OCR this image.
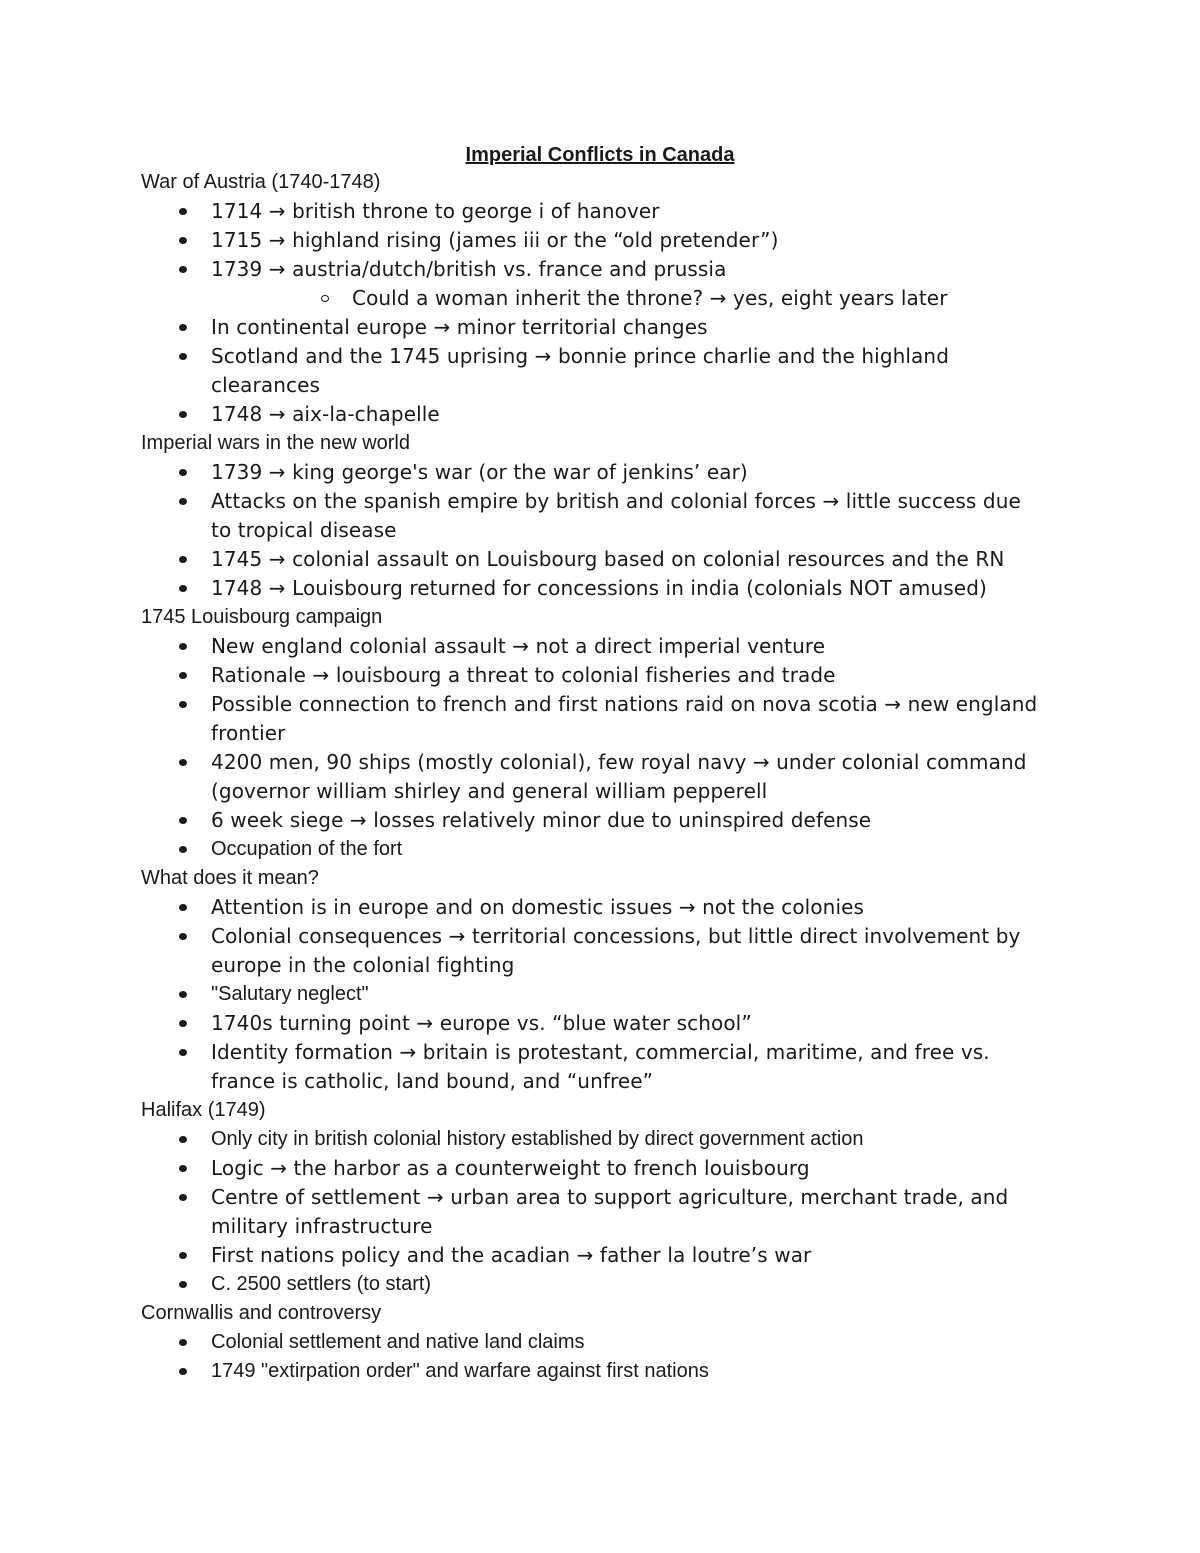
Imperial Conflicts in Canada
War of Austria (1740-1748)
1714 → british throne to george i of hanover
1715 → highland rising (james iii or the “old pretender”)
1739 → austria/dutch/british vs. france and prussia
Could a woman inherit the throne? → yes, eight years later
In continental europe → minor territorial changes
Scotland and the 1745 uprising → bonnie prince charlie and the highland clearances
1748 → aix-la-chapelle
Imperial wars in the new world
1739 → king george's war (or the war of jenkins’ ear)
Attacks on the spanish empire by british and colonial forces → little success due to tropical disease
1745 → colonial assault on Louisbourg based on colonial resources and the RN
1748 → Louisbourg returned for concessions in india (colonials NOT amused)
1745 Louisbourg campaign
New england colonial assault → not a direct imperial venture
Rationale → louisbourg a threat to colonial fisheries and trade
Possible connection to french and first nations raid on nova scotia → new england frontier
4200 men, 90 ships (mostly colonial), few royal navy → under colonial command (governor william shirley and general william pepperell
6 week siege → losses relatively minor due to uninspired defense
Occupation of the fort
What does it mean?
Attention is in europe and on domestic issues → not the colonies
Colonial consequences → territorial concessions, but little direct involvement by europe in the colonial fighting
"Salutary neglect"
1740s turning point → europe vs. “blue water school”
Identity formation → britain is protestant, commercial, maritime, and free vs. france is catholic, land bound, and “unfree”
Halifax (1749)
Only city in british colonial history established by direct government action
Logic → the harbor as a counterweight to french louisbourg
Centre of settlement → urban area to support agriculture, merchant trade, and military infrastructure
First nations policy and the acadian → father la loutre’s war
C. 2500 settlers (to start)
Cornwallis and controversy
Colonial settlement and native land claims
1749 "extirpation order" and warfare against first nations
